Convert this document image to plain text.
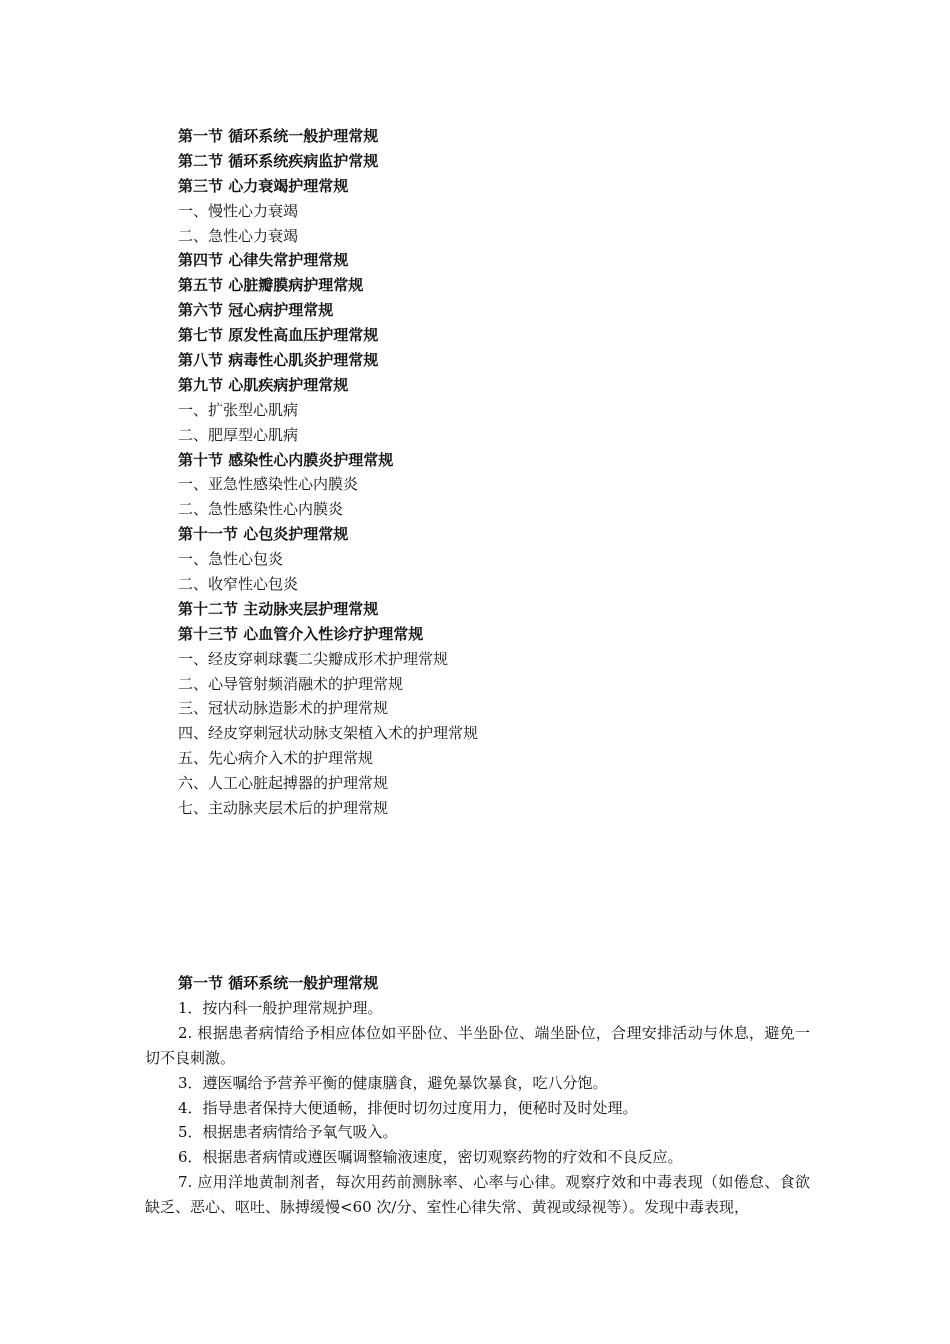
第一节 循环系统一般护理常规
第二节 循环系统疾病监护常规
第三节 心力衰竭护理常规
一、慢性心力衰竭
二、急性心力衰竭
第四节 心律失常护理常规
第五节 心脏瓣膜病护理常规
第六节 冠心病护理常规
第七节 原发性高血压护理常规
第八节 病毒性心肌炎护理常规
第九节 心肌疾病护理常规
一、扩张型心肌病
二、肥厚型心肌病
第十节 感染性心内膜炎护理常规
一、亚急性感染性心内膜炎
二、急性感染性心内膜炎
第十一节 心包炎护理常规
一、急性心包炎
二、收窄性心包炎
第十二节 主动脉夹层护理常规
第十三节 心血管介入性诊疗护理常规
一、经皮穿刺球囊二尖瓣成形术护理常规
二、心导管射频消融术的护理常规
三、冠状动脉造影术的护理常规
四、经皮穿刺冠状动脉支架植入术的护理常规
五、先心病介入术的护理常规
六、人工心脏起搏器的护理常规
七、主动脉夹层术后的护理常规
第一节 循环系统一般护理常规
1．按内科一般护理常规护理。
2. 根据患者病情给予相应体位如平卧位、半坐卧位、端坐卧位，合理安排活动与休息，避免一切不良刺激。
3．遵医嘱给予营养平衡的健康膳食，避免暴饮暴食，吃八分饱。
4．指导患者保持大便通畅，排便时切勿过度用力，便秘时及时处理。
5．根据患者病情给予氧气吸入。
6．根据患者病情或遵医嘱调整输液速度，密切观察药物的疗效和不良反应。
7. 应用洋地黄制剂者，每次用药前测脉率、心率与心律。观察疗效和中毒表现（如倦怠、食欲缺乏、恶心、呕吐、脉搏缓慢<60 次/分、室性心律失常、黄视或绿视等）。发现中毒表现，
